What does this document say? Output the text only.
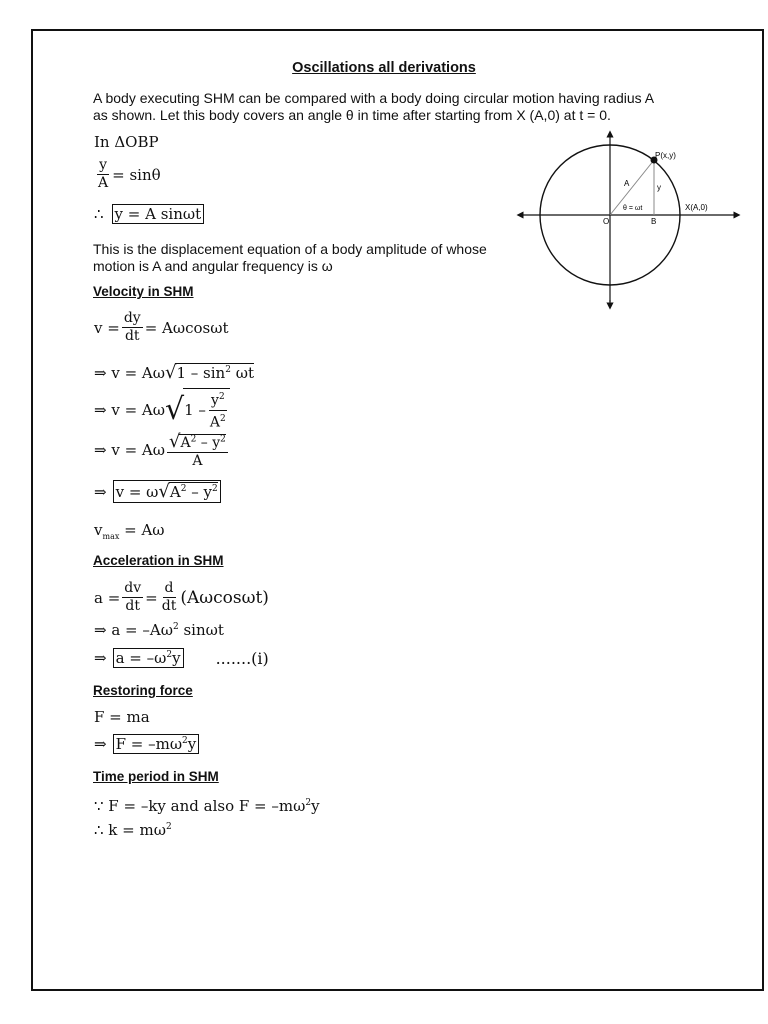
Oscillations all derivations
A body executing SHM can be compared with a body doing circular motion having radius A
as shown. Let this body covers an angle θ in time after starting from X (A,0) at t = 0.
In ΔOBP
$\frac{y}{A} = \sin\theta$
∴ y = A sinωt
This is the displacement equation of a body amplitude of whose
motion is A and angular frequency is ω
Velocity in SHM
$v = \frac{dy}{dt} = A\omega\cos\omega t$
⇒ v = Aω √ $1 - \sin^2 \omega t$
⇒ v = Aω √ $1 - \frac{y^2}{A^2}$
⇒ v = Aω $\frac{√A^2 - y^2}{A}$
⇒ $v = \omega√A^2 - y^2$
$v_{max} = A\omega$
Acceleration in SHM
$a = \frac{dv}{dt} = \frac{d}{dt} (A\omega\cos\omega t)$
⇒ $a = -A\omega^2$ sinωt
⇒ $a = -\omega^2y$ .......(i)
Restoring force
F = ma
⇒ $F = -m\omega^2y$
Time period in SHM
∵ F = –ky and also $F = -m\omega^2y$
∴ $k = m\omega^2$
P(x,y)
A	y
θ = ωt	X(A,0)
O	B
